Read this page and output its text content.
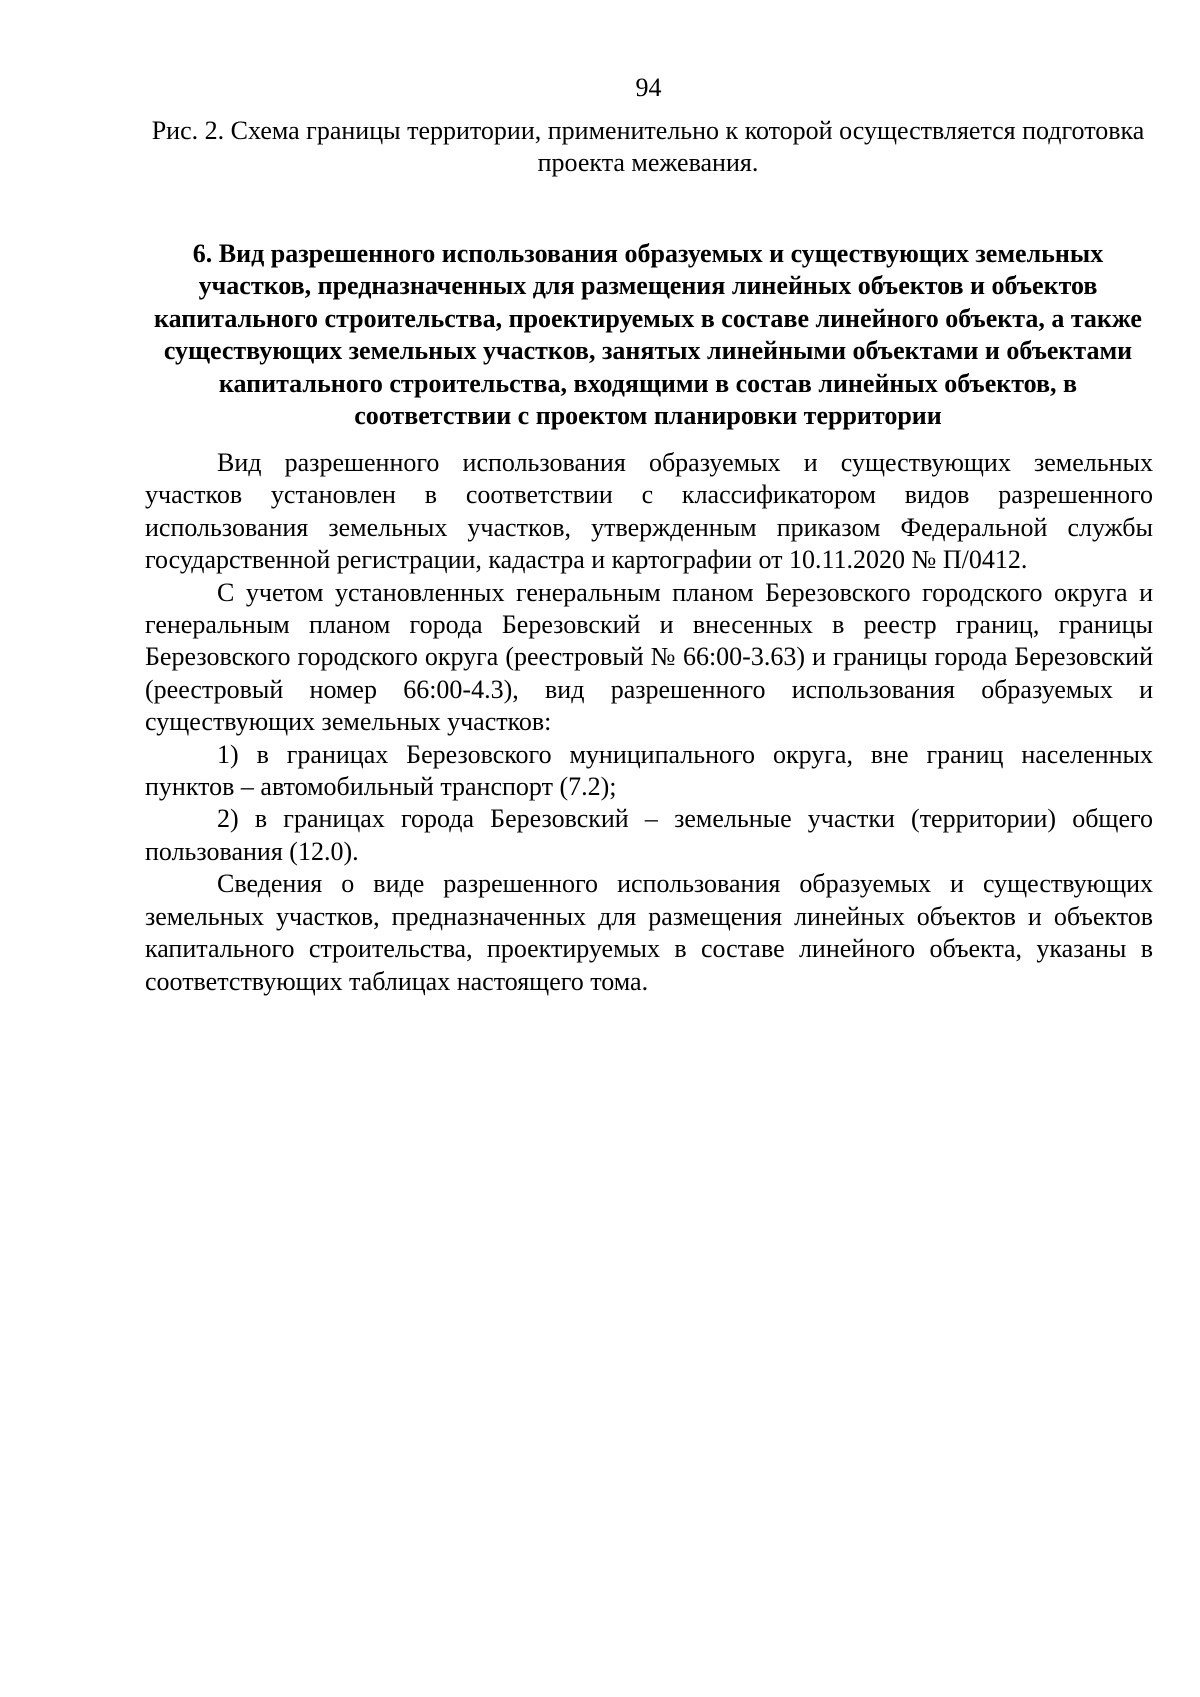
94
Рис. 2. Схема границы территории, применительно к которой осуществляется подготовка проекта межевания.
6. Вид разрешенного использования образуемых и существующих земельных участков, предназначенных для размещения линейных объектов и объектов капитального строительства, проектируемых в составе линейного объекта, а также существующих земельных участков, занятых линейными объектами и объектами капитального строительства, входящими в состав линейных объектов, в соответствии с проектом планировки территории

Вид разрешенного использования образуемых и существующих земельных участков установлен в соответствии с классификатором видов разрешенного использования земельных участков, утвержденным приказом Федеральной службы государственной регистрации, кадастра и картографии от 10.11.2020 № П/0412.

С учетом установленных генеральным планом Березовского городского округа и генеральным планом города Березовский и внесенных в реестр границ, границы Березовского городского округа (реестровый № 66:00-3.63) и границы города Березовский (реестровый номер 66:00-4.3), вид разрешенного использования образуемых и существующих земельных участков:

1) в границах Березовского муниципального округа, вне границ населенных пунктов – автомобильный транспорт (7.2);

2) в границах города Березовский – земельные участки (территории) общего пользования (12.0).

Сведения о виде разрешенного использования образуемых и существующих земельных участков, предназначенных для размещения линейных объектов и объектов капитального строительства, проектируемых в составе линейного объекта, указаны в соответствующих таблицах настоящего тома.
